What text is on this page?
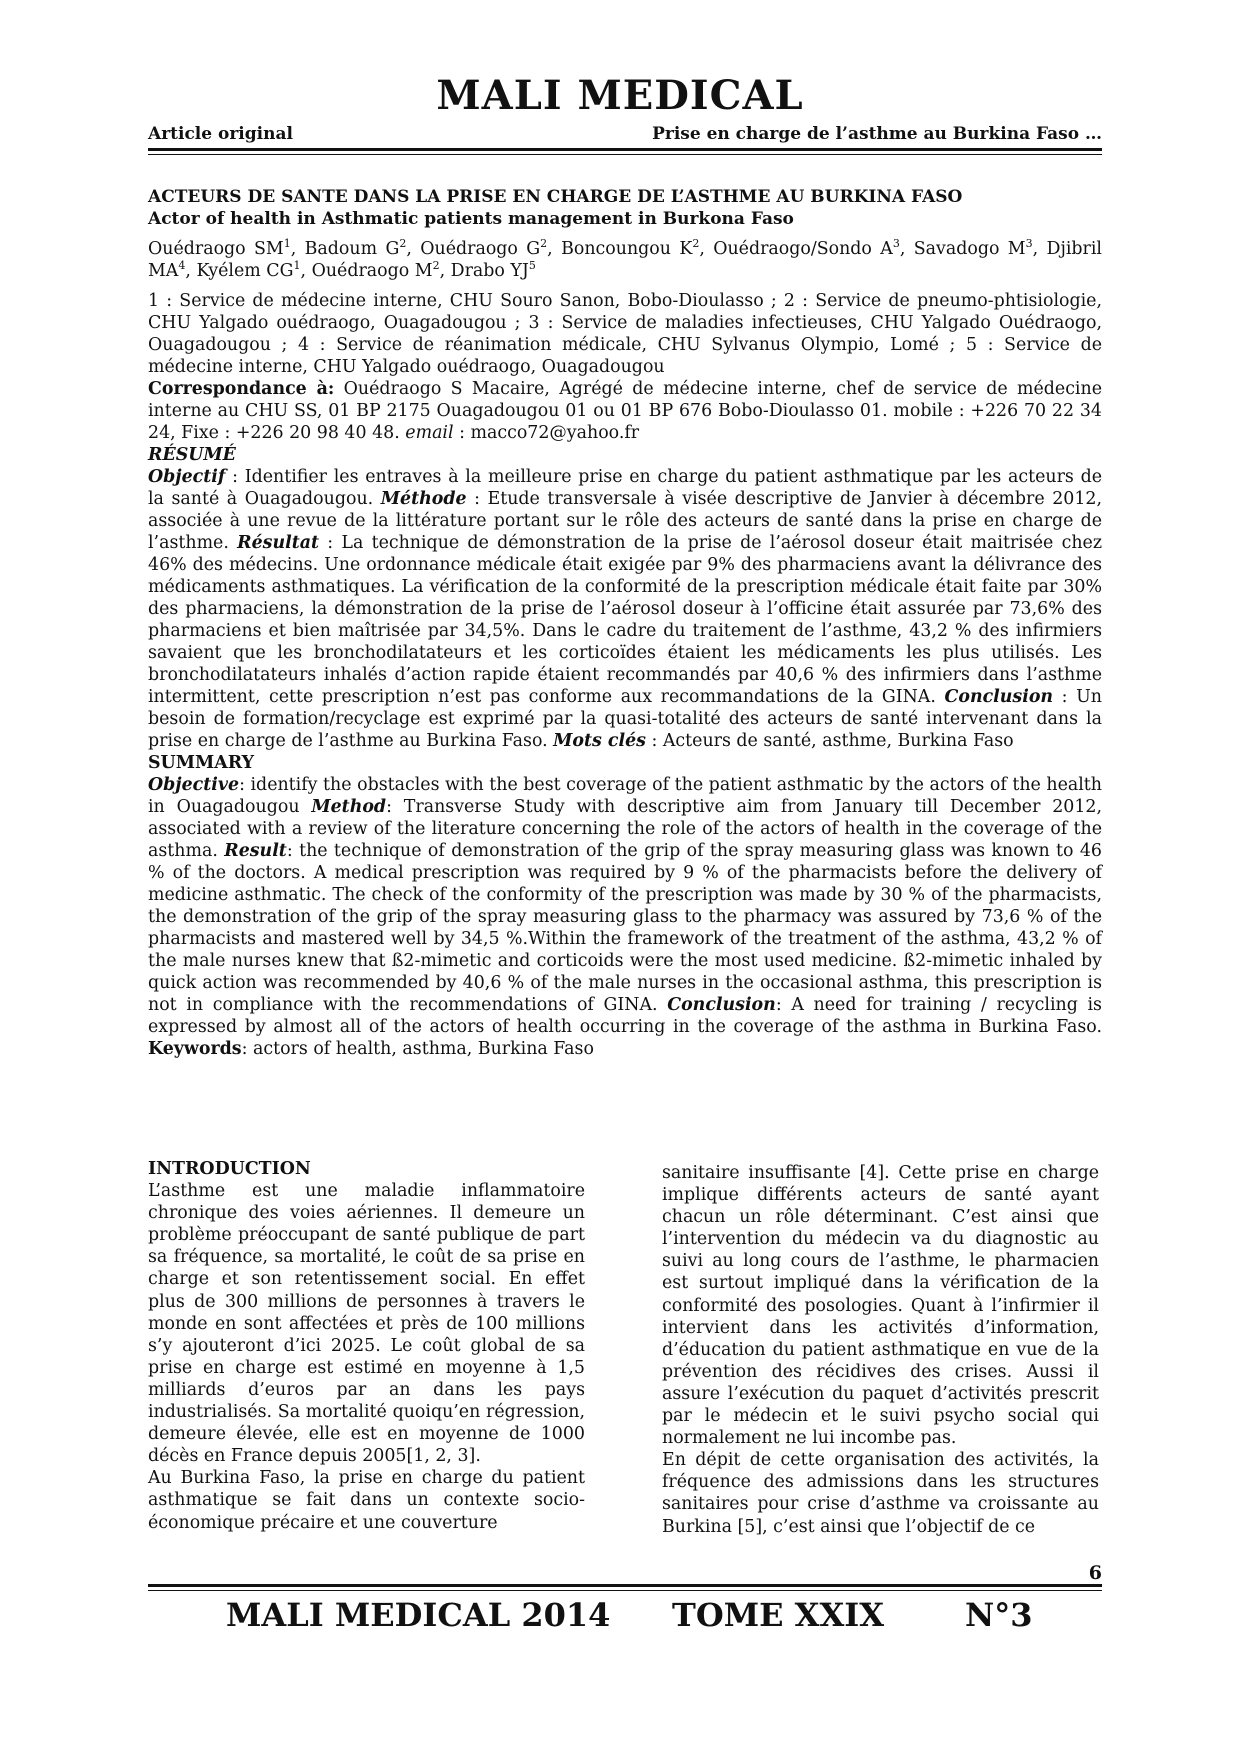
MALI MEDICAL
Article original	Prise en charge de l’asthme au Burkina Faso …

ACTEURS DE SANTE DANS LA PRISE EN CHARGE DE L’ASTHME AU BURKINA FASO

Actor of health in Asthmatic patients management in Burkona Faso

Ouédraogo $SM^1$, Badoum $G^2$, Ouédraogo $G^2$, Boncoungou $K^2$, Ouédraogo/Sondo $A^3$, Savadogo $M^3$, Djibril $MA^4$, Kyélem $CG^1$, Ouédraogo $M^2$, Drabo $YJ^5$

1 : Service de médecine interne, CHU Souro Sanon, Bobo-Dioulasso ; 2 : Service de pneumo-phtisiologie, CHU Yalgado ouédraogo, Ouagadougou ; 3 : Service de maladies infectieuses, CHU Yalgado Ouédraogo, Ouagadougou ; 4 : Service de réanimation médicale, CHU Sylvanus Olympio, Lomé ; 5 : Service de médecine interne, CHU Yalgado ouédraogo, Ouagadougou

Correspondance à: Ouédraogo S Macaire, Agrégé de médecine interne, chef de service de médecine interne au CHU SS, 01 BP 2175 Ouagadougou 01 ou 01 BP 676 Bobo-Dioulasso 01. mobile : +226 70 22 34 24, Fixe : +226 20 98 40 48. email : macco72@yahoo.fr

RÉSUMÉ

Objectif : Identifier les entraves à la meilleure prise en charge du patient asthmatique par les acteurs de la santé à Ouagadougou. Méthode : Etude transversale à visée descriptive de Janvier à décembre 2012, associée à une revue de la littérature portant sur le rôle des acteurs de santé dans la prise en charge de l’asthme. Résultat : La technique de démonstration de la prise de l’aérosol doseur était maitrisée chez 46% des médecins. Une ordonnance médicale était exigée par 9% des pharmaciens avant la délivrance des médicaments asthmatiques. La vérification de la conformité de la prescription médicale était faite par 30% des pharmaciens, la démonstration de la prise de l’aérosol doseur à l’officine était assurée par 73,6% des pharmaciens et bien maîtrisée par 34,5%. Dans le cadre du traitement de l’asthme, 43,2 % des infirmiers savaient que les bronchodilatateurs et les corticoïdes étaient les médicaments les plus utilisés. Les bronchodilatateurs inhalés d’action rapide étaient recommandés par 40,6 % des infirmiers dans l’asthme intermittent, cette prescription n’est pas conforme aux recommandations de la GINA. Conclusion : Un besoin de formation/recyclage est exprimé par la quasi-totalité des acteurs de santé intervenant dans la prise en charge de l’asthme au Burkina Faso. Mots clés : Acteurs de santé, asthme, Burkina Faso

SUMMARY

Objective: identify the obstacles with the best coverage of the patient asthmatic by the actors of the health in Ouagadougou Method: Transverse Study with descriptive aim from January till December 2012, associated with a review of the literature concerning the role of the actors of health in the coverage of the asthma. Result: the technique of demonstration of the grip of the spray measuring glass was known to 46 % of the doctors. A medical prescription was required by 9 % of the pharmacists before the delivery of medicine asthmatic. The check of the conformity of the prescription was made by 30 % of the pharmacists, the demonstration of the grip of the spray measuring glass to the pharmacy was assured by 73,6 % of the pharmacists and mastered well by 34,5 %.Within the framework of the treatment of the asthma, 43,2 % of the male nurses knew that ß2-mimetic and corticoids were the most used medicine. ß2-mimetic inhaled by quick action was recommended by 40,6 % of the male nurses in the occasional asthma, this prescription is not in compliance with the recommendations of GINA. Conclusion: A need for training / recycling is expressed by almost all of the actors of health occurring in the coverage of the asthma in Burkina Faso. Keywords: actors of health, asthma, Burkina Faso

INTRODUCTION

L’asthme est une maladie inflammatoire chronique des voies aériennes. Il demeure un problème préoccupant de santé publique de part sa fréquence, sa mortalité, le coût de sa prise en charge et son retentissement social. En effet plus de 300 millions de personnes à travers le monde en sont affectées et près de 100 millions s’y ajouteront d’ici 2025. Le coût global de sa prise en charge est estimé en moyenne à 1,5 milliards d’euros par an dans les pays industrialisés. Sa mortalité quoiqu’en régression, demeure élevée, elle est en moyenne de 1000 décès en France depuis 2005[1, 2, 3].

Au Burkina Faso, la prise en charge du patient asthmatique se fait dans un contexte socio-économique précaire et une couverture

sanitaire insuffisante [4]. Cette prise en charge implique différents acteurs de santé ayant chacun un rôle déterminant. C’est ainsi que l’intervention du médecin va du diagnostic au suivi au long cours de l’asthme, le pharmacien est surtout impliqué dans la vérification de la conformité des posologies. Quant à l’infirmier il intervient dans les activités d’information, d’éducation du patient asthmatique en vue de la prévention des récidives des crises. Aussi il assure l’exécution du paquet d’activités prescrit par le médecin et le suivi psycho social qui normalement ne lui incombe pas.

En dépit de cette organisation des activités, la fréquence des admissions dans les structures sanitaires pour crise d’asthme va croissante au Burkina [5], c’est ainsi que l’objectif de ce

6
MALI MEDICAL 2014 TOME XXIX	N°3
